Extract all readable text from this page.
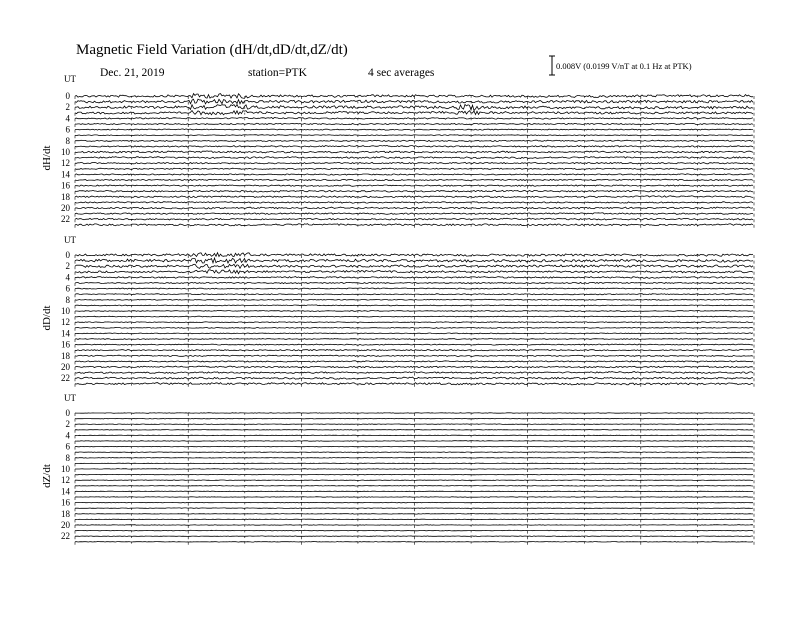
Magnetic Field Variation (dH/dt,dD/dt,dZ/dt)
Dec. 21, 2019	station=PTK	4 sec averages
0.008V (0.0199 V/nT at 0.1 Hz at PTK)
dH/dt
UT
0
2
4
6
8
10
12
14
16
18
20
22
dD/dt
UT
0
2
4
6
8
10
12
14
16
18
20
22
dZ/dt
UT
0
2
4
6
8
10
12
14
16
18
20
22
